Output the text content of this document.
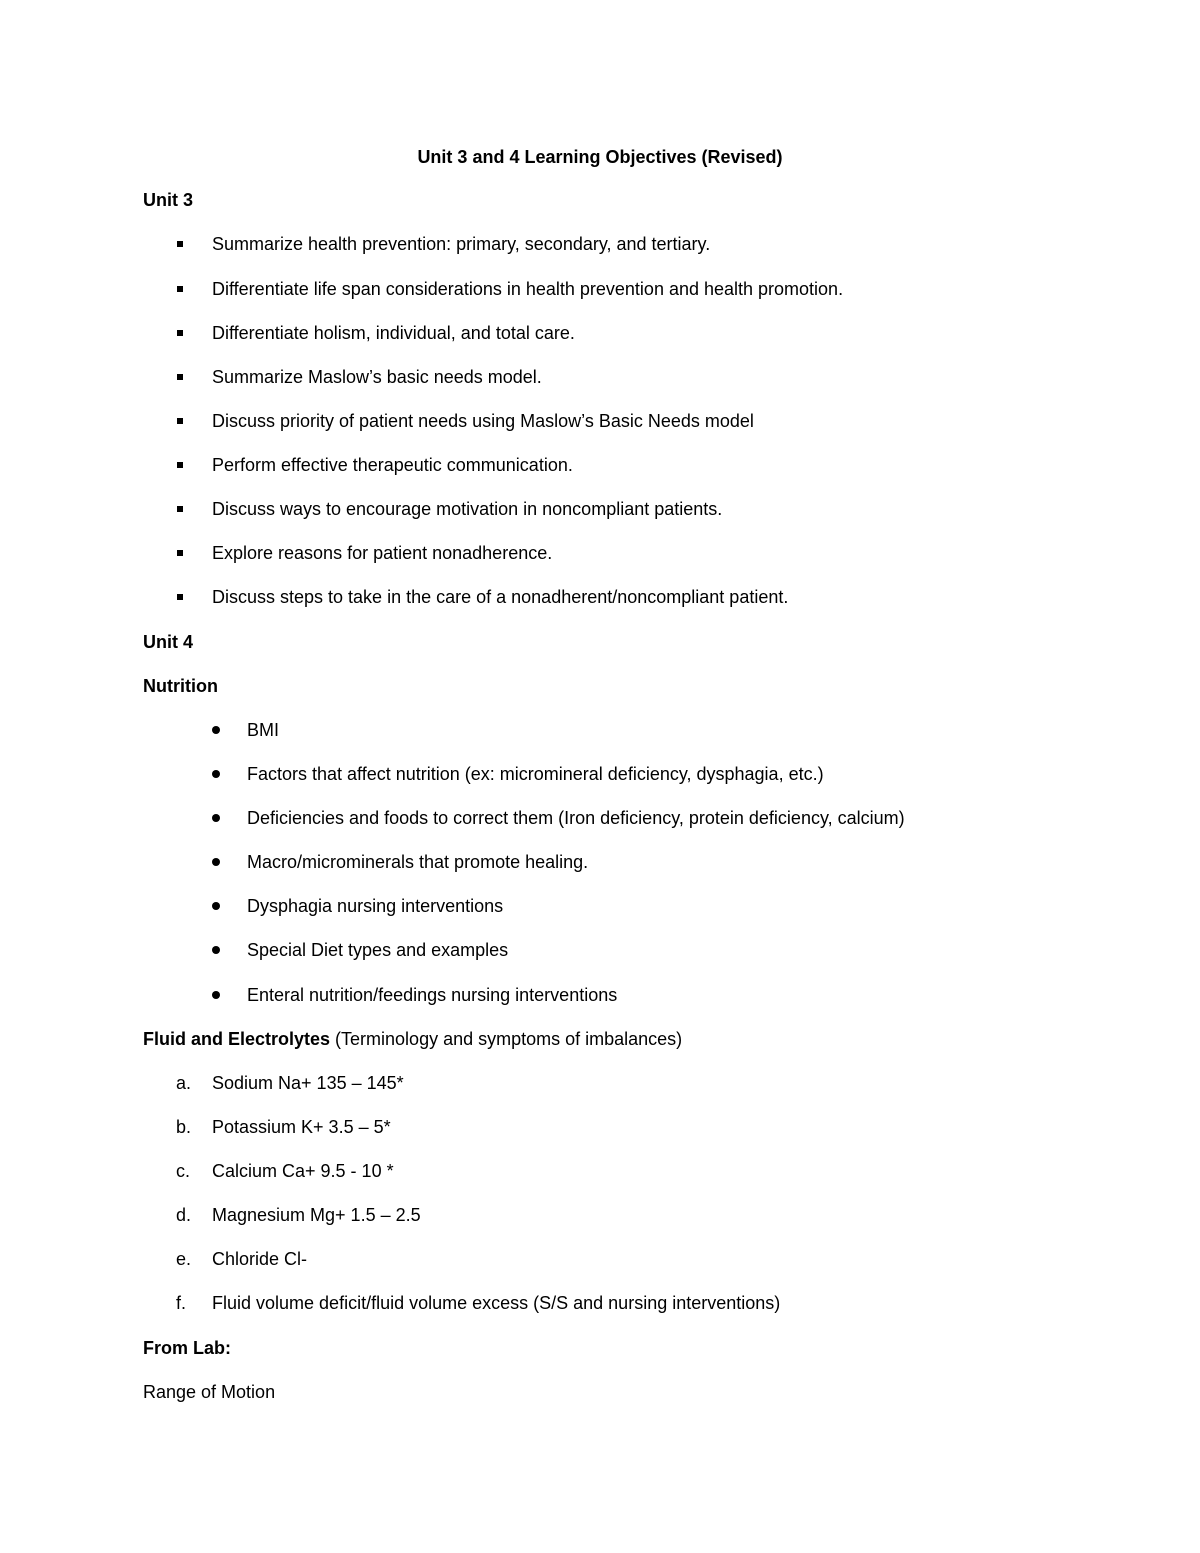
Unit 3 and 4 Learning Objectives (Revised)
Unit 3
Summarize health prevention: primary, secondary, and tertiary.
Differentiate life span considerations in health prevention and health promotion.
Differentiate holism, individual, and total care.
Summarize Maslow’s basic needs model.
Discuss priority of patient needs using Maslow’s Basic Needs model
Perform effective therapeutic communication.
Discuss ways to encourage motivation in noncompliant patients.
Explore reasons for patient nonadherence.
Discuss steps to take in the care of a nonadherent/noncompliant patient.
Unit 4
Nutrition
BMI
Factors that affect nutrition (ex: micromineral deficiency, dysphagia, etc.)
Deficiencies and foods to correct them (Iron deficiency, protein deficiency, calcium)
Macro/microminerals that promote healing.
Dysphagia nursing interventions
Special Diet types and examples
Enteral nutrition/feedings nursing interventions

Fluid and Electrolytes (Terminology and symptoms of imbalances)

a. Sodium Na+ 135 – 145*
b. Potassium K+ 3.5 – 5*
c. Calcium Ca+ 9.5 - 10 *
d. Magnesium Mg+ 1.5 – 2.5
e. Chloride Cl-
f. Fluid volume deficit/fluid volume excess (S/S and nursing interventions)
From Lab:

Range of Motion
